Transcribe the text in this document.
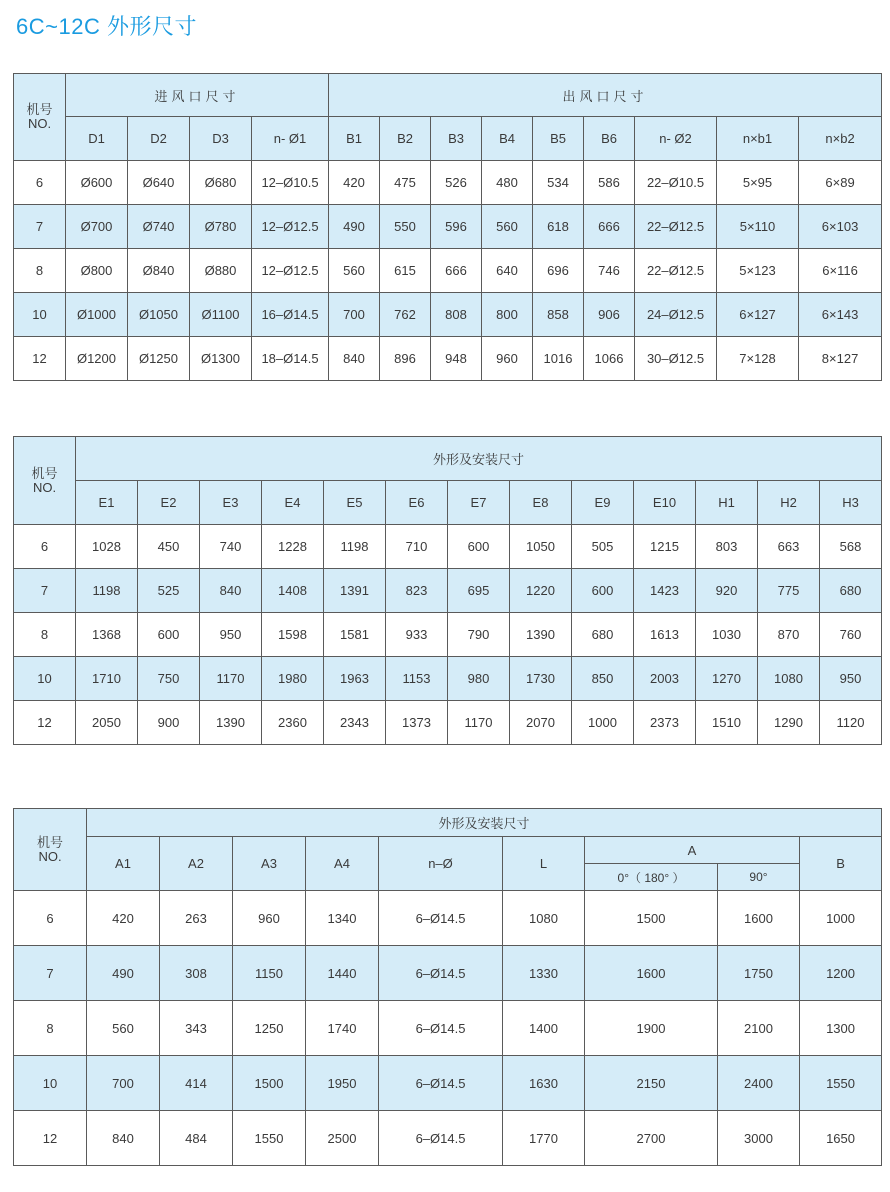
6C~12C 外形尺寸
机号
NO.	进风口尺寸				出风口尺寸								
	D1	D2	D3	n- Ø1	B1	B2	B3	B4	B5	B6	n- Ø2	n×b1	n×b2
6	Ø600	Ø640	Ø680	12–Ø10.5	420	475	526	480	534	586	22–Ø10.5	5×95	6×89
7	Ø700	Ø740	Ø780	12–Ø12.5	490	550	596	560	618	666	22–Ø12.5	5×110	6×103
8	Ø800	Ø840	Ø880	12–Ø12.5	560	615	666	640	696	746	22–Ø12.5	5×123	6×116
10	Ø1000	Ø1050	Ø1100	16–Ø14.5	700	762	808	800	858	906	24–Ø12.5	6×127	6×143
12	Ø1200	Ø1250	Ø1300	18–Ø14.5	840	896	948	960	1016	1066	30–Ø12.5	7×128	8×127
机号
NO.	外形及安装尺寸												
	E1	E2	E3	E4	E5	E6	E7	E8	E9	E10	H1	H2	H3
6	1028	450	740	1228	1198	710	600	1050	505	1215	803	663	568
7	1198	525	840	1408	1391	823	695	1220	600	1423	920	775	680
8	1368	600	950	1598	1581	933	790	1390	680	1613	1030	870	760
10	1710	750	1170	1980	1963	1153	980	1730	850	2003	1270	1080	950
12	2050	900	1390	2360	2343	1373	1170	2070	1000	2373	1510	1290	1120
机号
NO.	外形及安装尺寸								
	A1	A2	A3	A4	n–Ø	L	A		B
							0°（ 180° ）	90°	
6	420	263	960	1340	6–Ø14.5	1080	1500	1600	1000
7	490	308	1150	1440	6–Ø14.5	1330	1600	1750	1200
8	560	343	1250	1740	6–Ø14.5	1400	1900	2100	1300
10	700	414	1500	1950	6–Ø14.5	1630	2150	2400	1550
12	840	484	1550	2500	6–Ø14.5	1770	2700	3000	1650
